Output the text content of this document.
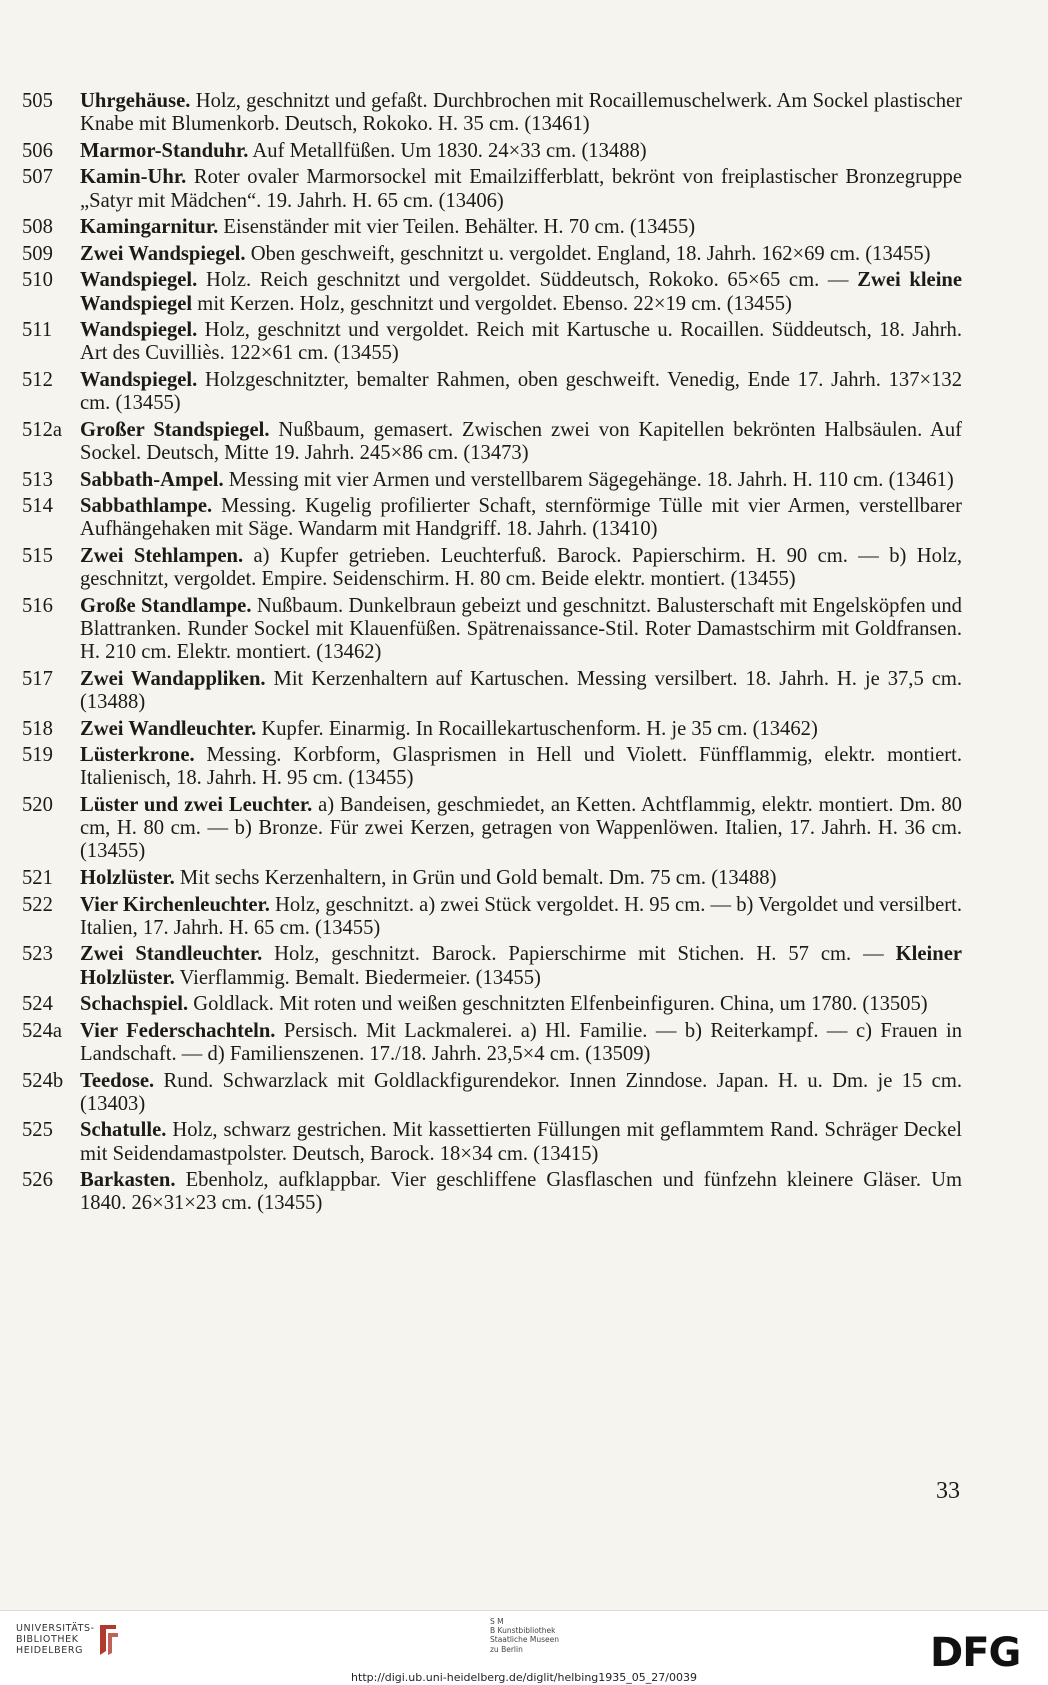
505	Uhrgehäuse. Holz, geschnitzt und gefaßt. Durchbrochen mit Rocaillemuschelwerk. Am Sockel plastischer Knabe mit Blumenkorb. Deutsch, Rokoko. H. 35 cm. (13461)
506	Marmor-Standuhr. Auf Metallfüßen. Um 1830. 24×33 cm. (13488)
507	Kamin-Uhr. Roter ovaler Marmorsockel mit Emailzifferblatt, bekrönt von freiplastischer Bronzegruppe „Satyr mit Mädchen“. 19. Jahrh. H. 65 cm. (13406)
508	Kamingarnitur. Eisenständer mit vier Teilen. Behälter. H. 70 cm. (13455)
509	Zwei Wandspiegel. Oben geschweift, geschnitzt u. vergoldet. England, 18. Jahrh. 162×69 cm. (13455)
510	Wandspiegel. Holz. Reich geschnitzt und vergoldet. Süddeutsch, Rokoko. 65×65 cm. — Zwei kleine Wandspiegel mit Kerzen. Holz, geschnitzt und vergoldet. Ebenso. 22×19 cm. (13455)
511	Wandspiegel. Holz, geschnitzt und vergoldet. Reich mit Kartusche u. Rocaillen. Süddeutsch, 18. Jahrh. Art des Cuvilliès. 122×61 cm. (13455)
512	Wandspiegel. Holzgeschnitzter, bemalter Rahmen, oben geschweift. Venedig, Ende 17. Jahrh. 137×132 cm. (13455)
512a Großer Standspiegel. Nußbaum, gemasert. Zwischen zwei von Kapitellen bekrönten Halbsäulen. Auf Sockel. Deutsch, Mitte 19. Jahrh. 245×86 cm. (13473)
513	Sabbath-Ampel. Messing mit vier Armen und verstellbarem Sägegehänge. 18. Jahrh. H. 110 cm. (13461)
514	Sabbathlampe. Messing. Kugelig profilierter Schaft, sternförmige Tülle mit vier Armen, verstellbarer Aufhängehaken mit Säge. Wandarm mit Handgriff. 18. Jahrh. (13410)
515	Zwei Stehlampen. a) Kupfer getrieben. Leuchterfuß. Barock. Papierschirm. H. 90 cm. — b) Holz, geschnitzt, vergoldet. Empire. Seidenschirm. H. 80 cm. Beide elektr. montiert. (13455)
516	Große Standlampe. Nußbaum. Dunkelbraun gebeizt und geschnitzt. Balusterschaft mit Engelsköpfen und Blattranken. Runder Sockel mit Klauenfüßen. Spätrenaissance-Stil. Roter Damastschirm mit Goldfransen. H. 210 cm. Elektr. montiert. (13462)
517	Zwei Wandappliken. Mit Kerzenhaltern auf Kartuschen. Messing versilbert. 18. Jahrh. H. je 37,5 cm. (13488)
518	Zwei Wandleuchter. Kupfer. Einarmig. In Rocaillekartuschenform. H. je 35 cm. (13462)
519	Lüsterkrone. Messing. Korbform, Glasprismen in Hell und Violett. Fünfflammig, elektr. montiert. Italienisch, 18. Jahrh. H. 95 cm. (13455)
520	Lüster und zwei Leuchter. a) Bandeisen, geschmiedet, an Ketten. Achtflammig, elektr. montiert. Dm. 80 cm, H. 80 cm. — b) Bronze. Für zwei Kerzen, getragen von Wappenlöwen. Italien, 17. Jahrh. H. 36 cm. (13455)
521	Holzlüster. Mit sechs Kerzenhaltern, in Grün und Gold bemalt. Dm. 75 cm. (13488)
522	Vier Kirchenleuchter. Holz, geschnitzt. a) zwei Stück vergoldet. H. 95 cm. — b) Vergoldet und versilbert. Italien, 17. Jahrh. H. 65 cm. (13455)
523	Zwei Standleuchter. Holz, geschnitzt. Barock. Papierschirme mit Stichen. H. 57 cm. — Kleiner Holzlüster. Vierflammig. Bemalt. Biedermeier. (13455)
524	Schachspiel. Goldlack. Mit roten und weißen geschnitzten Elfenbeinfiguren. China, um 1780. (13505)
524a Vier Federschachteln. Persisch. Mit Lackmalerei. a) Hl. Familie. — b) Reiterkampf. — c) Frauen in Landschaft. — d) Familienszenen. 17./18. Jahrh. 23,5×4 cm. (13509)
524b Teedose. Rund. Schwarzlack mit Goldlackfigurendekor. Innen Zinndose. Japan. H. u. Dm. je 15 cm. (13403)
525	Schatulle. Holz, schwarz gestrichen. Mit kassettierten Füllungen mit geflammtem Rand. Schräger Deckel mit Seidendamastpolster. Deutsch, Barock. 18×34 cm. (13415)
526	Barkasten. Ebenholz, aufklappbar. Vier geschliffene Glasflaschen und fünfzehn kleinere Gläser. Um 1840. 26×31×23 cm. (13455)
33
UNIVERSITÄTS-
BIBLIOTHEK
HEIDELBERG
S M
B Kunstbibliothek
Staatliche Museen
zu Berlin	DFG
http://digi.ub.uni-heidelberg.de/diglit/helbing1935_05_27/0039
